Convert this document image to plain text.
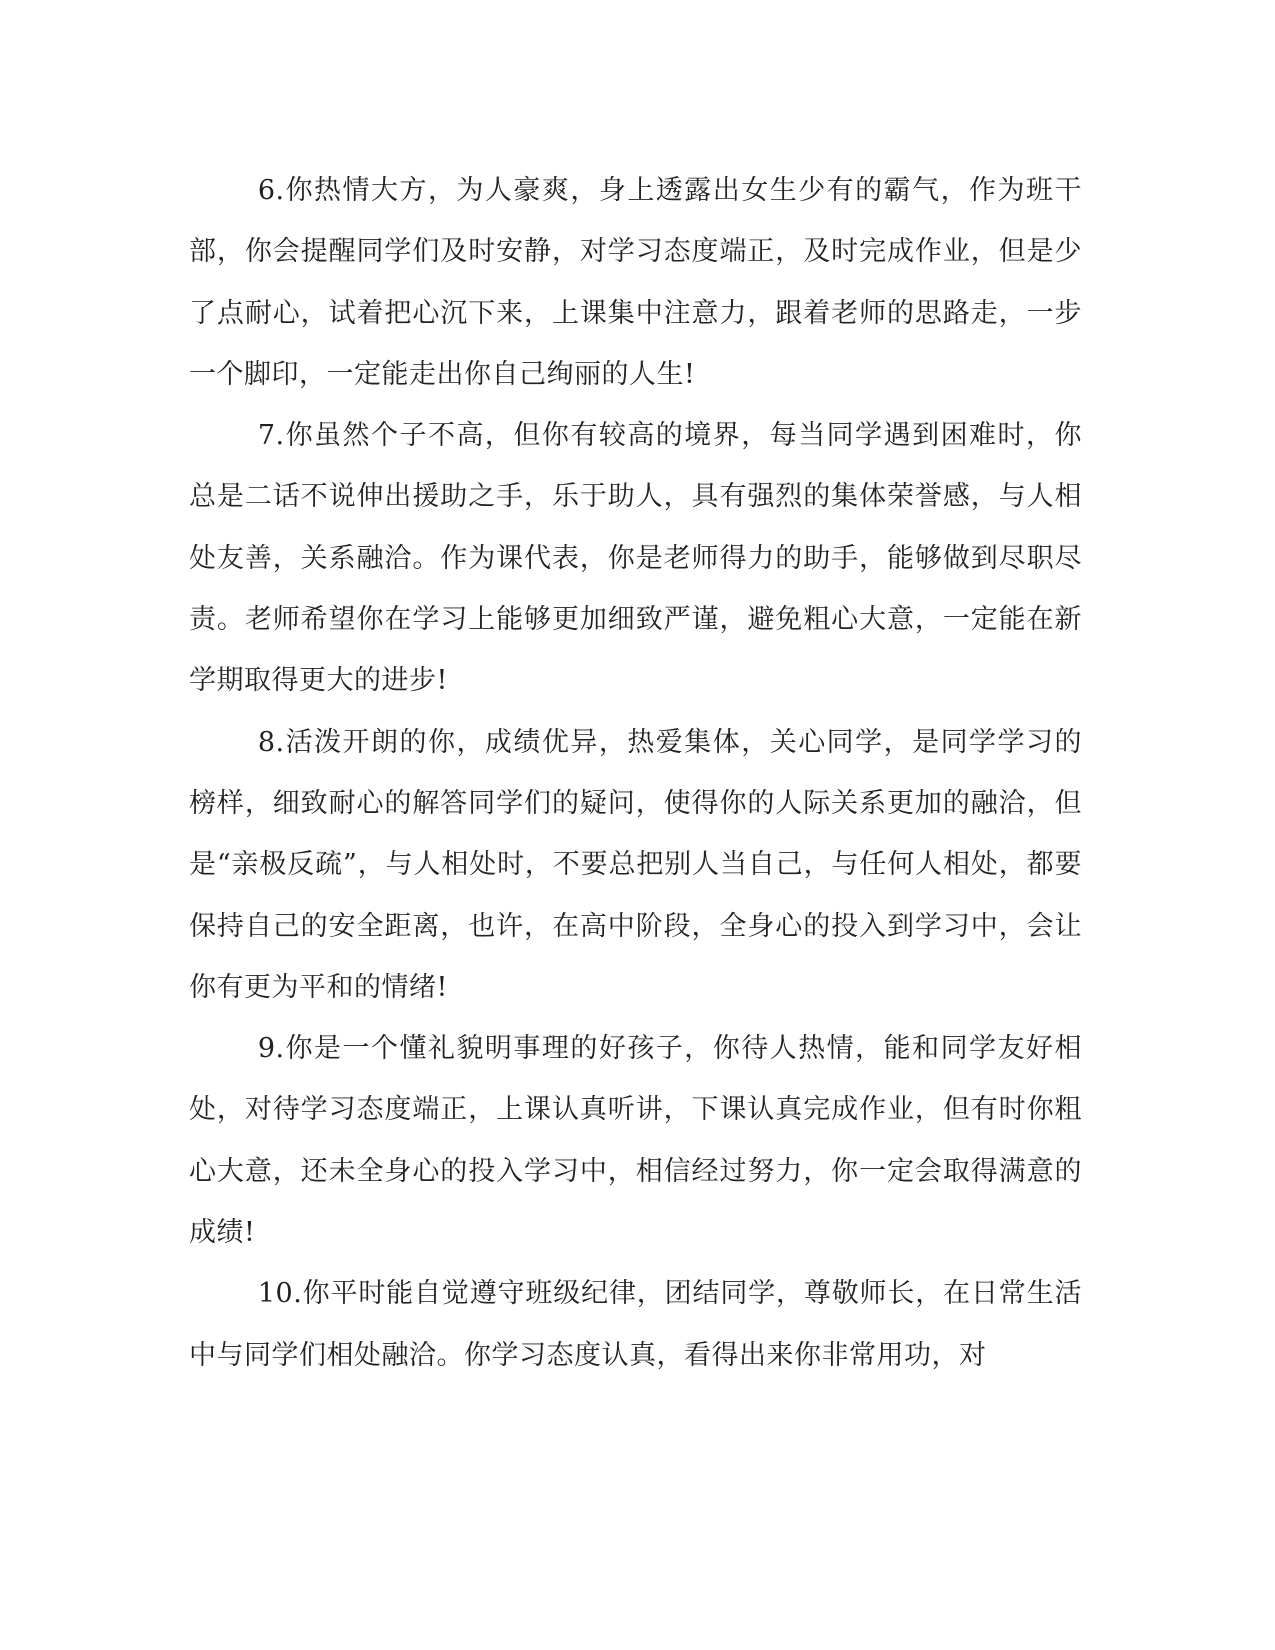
6.你热情大方，为人豪爽，身上透露出女生少有的霸气，作为班干部，你会提醒同学们及时安静，对学习态度端正，及时完成作业，但是少了点耐心，试着把心沉下来，上课集中注意力，跟着老师的思路走，一步一个脚印，一定能走出你自己绚丽的人生!

7.你虽然个子不高，但你有较高的境界，每当同学遇到困难时，你总是二话不说伸出援助之手，乐于助人，具有强烈的集体荣誉感，与人相处友善，关系融洽。作为课代表，你是老师得力的助手，能够做到尽职尽责。老师希望你在学习上能够更加细致严谨，避免粗心大意，一定能在新学期取得更大的进步!

8.活泼开朗的你，成绩优异，热爱集体，关心同学，是同学学习的榜样，细致耐心的解答同学们的疑问，使得你的人际关系更加的融洽，但是“亲极反疏”，与人相处时，不要总把别人当自己，与任何人相处，都要保持自己的安全距离，也许，在高中阶段，全身心的投入到学习中，会让你有更为平和的情绪!

9.你是一个懂礼貌明事理的好孩子，你待人热情，能和同学友好相处，对待学习态度端正，上课认真听讲，下课认真完成作业，但有时你粗心大意，还未全身心的投入学习中，相信经过努力，你一定会取得满意的成绩!

10.你平时能自觉遵守班级纪律，团结同学，尊敬师长，在日常生活中与同学们相处融洽。你学习态度认真，看得出来你非常用功，对
